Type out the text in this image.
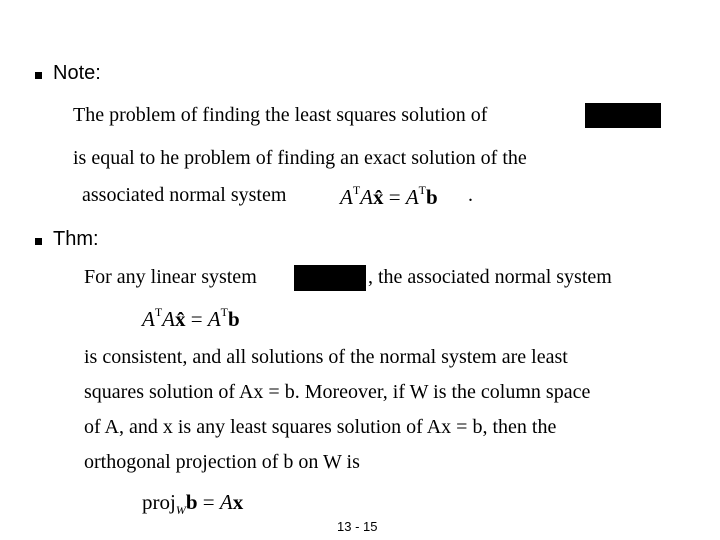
Note:
The problem of finding the least squares solution of
is equal to he problem of finding an exact solution of the
associated normal system	$A^TAx̂ = A^Tb$ .
Thm:
For any linear system	, the associated normal system
$A^TAx̂ = A^Tb$
is consistent, and all solutions of the normal system are least
squares solution of Ax = b. Moreover, if W is the column space
of A, and x is any least squares solution of Ax = b, then the
orthogonal projection of b on W is
proj$_W$b = Ax
13 - 15
